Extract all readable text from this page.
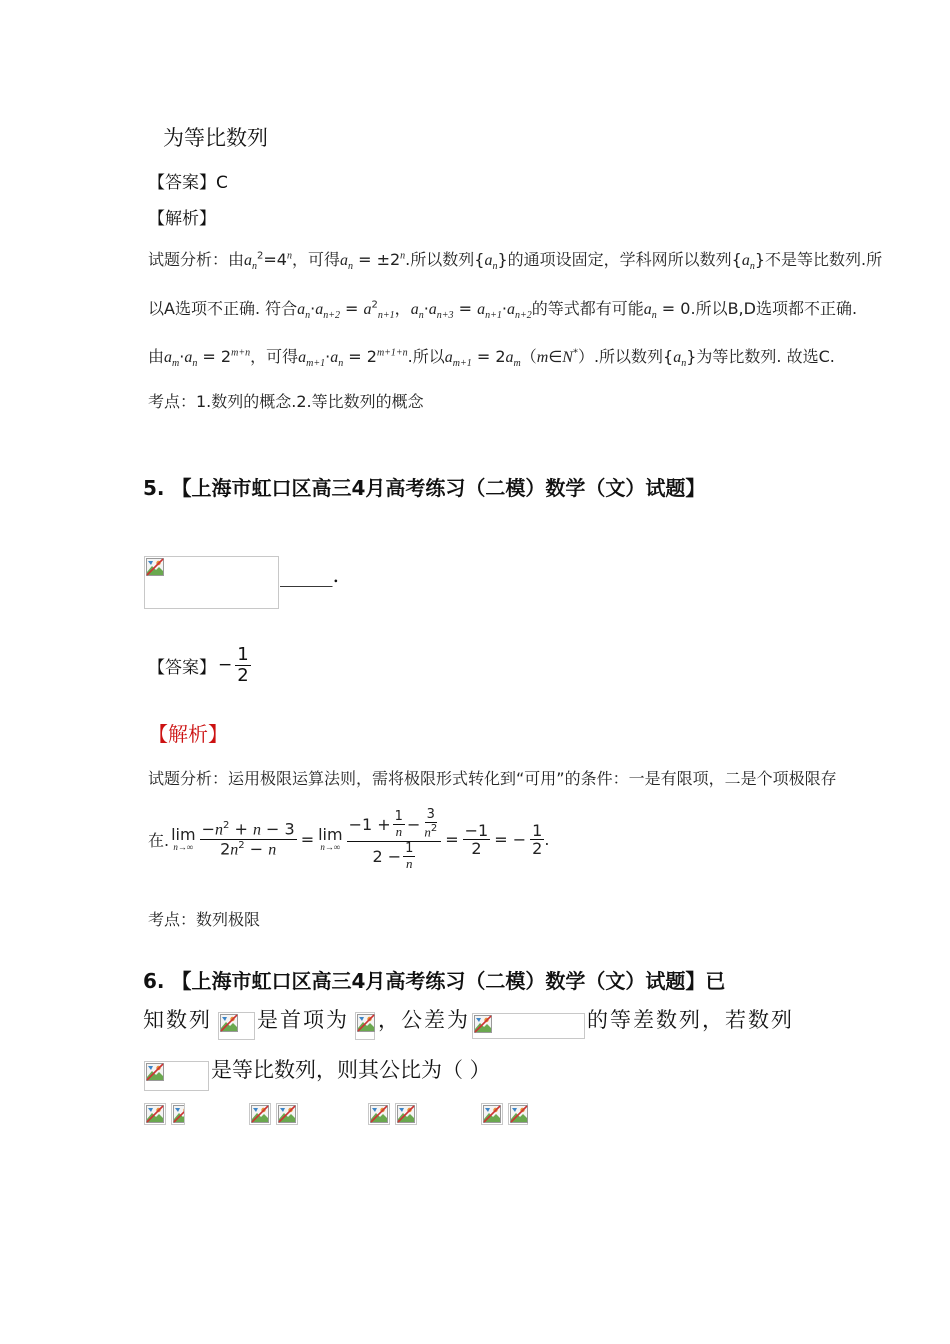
为等比数列
【答案】C
【解析】
试题分析：由$a_n^2=4^n$，可得$a_n = \pm 2^n$.所以数列$\{a_n\}$的通项设固定，学科网所以数列$\{a_n\}$不是等比数列.所
以A选项不正确. 符合$a_n\cdot a_{n+2} = a^2_{n+1}$，$a_n\cdot a_{n+3} = a_{n+1}\cdot a_{n+2}$的等式都有可能$a_n = 0$.所以B,D选项都不正确.
由$a_m\cdot a_n = 2^{m+n}$，可得$a_{m+1}\cdot a_n = 2^{m+1+n}$.所以$a_{m+1}$ = $2a_m(m\in N^*)$.所以数列$\{a_n\}$为等比数列. 故选C.
考点：1.数列的概念.2.等比数列的概念
5. 【上海市虹口区高三4月高考练习（二模）数学（文）试题】
_____.
【答案】 − $\frac{1}{2}$
【解析】
试题分析：运用极限运算法则，需将极限形式转化到“可用”的条件：一是有限项，二是个项极限存
在. lim
$n\to\infty \frac{-n^2 + n - 3}{2n^2 - n} = \lim$
$n\to\infty \frac{-1 + \frac{1}{n} - \frac{3}{n^2}}{2 - \frac{1}{n}} = \frac{-1}{2}$ = − $\frac{1}{2}$ .
考点：数列极限
6. 【上海市虹口区高三4月高考练习（二模）数学（文）试题】已
知数列 是首项为 ，公差为	的等差数列，若数列
是等比数列，则其公比为（ ）
